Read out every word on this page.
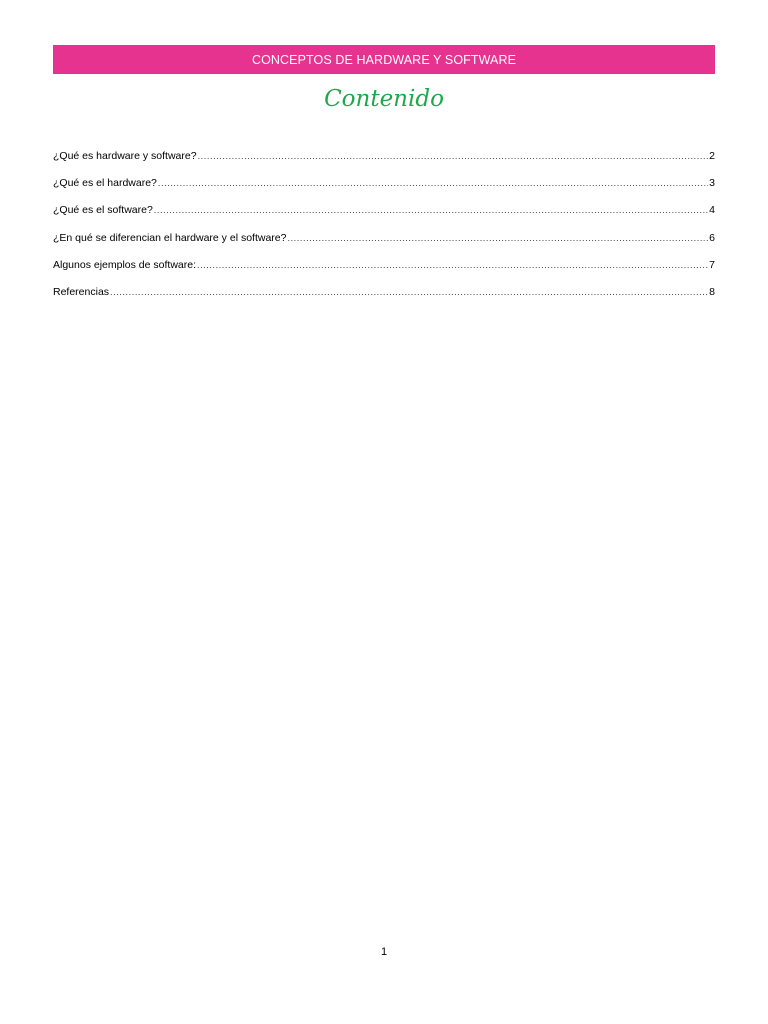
CONCEPTOS DE HARDWARE Y SOFTWARE
Contenido
¿Qué es hardware y software? .....	2
¿Qué es el hardware? .....	3
¿Qué es el software? .....	4
¿En qué se diferencian el hardware y el software? .....	6
Algunos ejemplos de software: .....	7
Referencias .....	8
1
